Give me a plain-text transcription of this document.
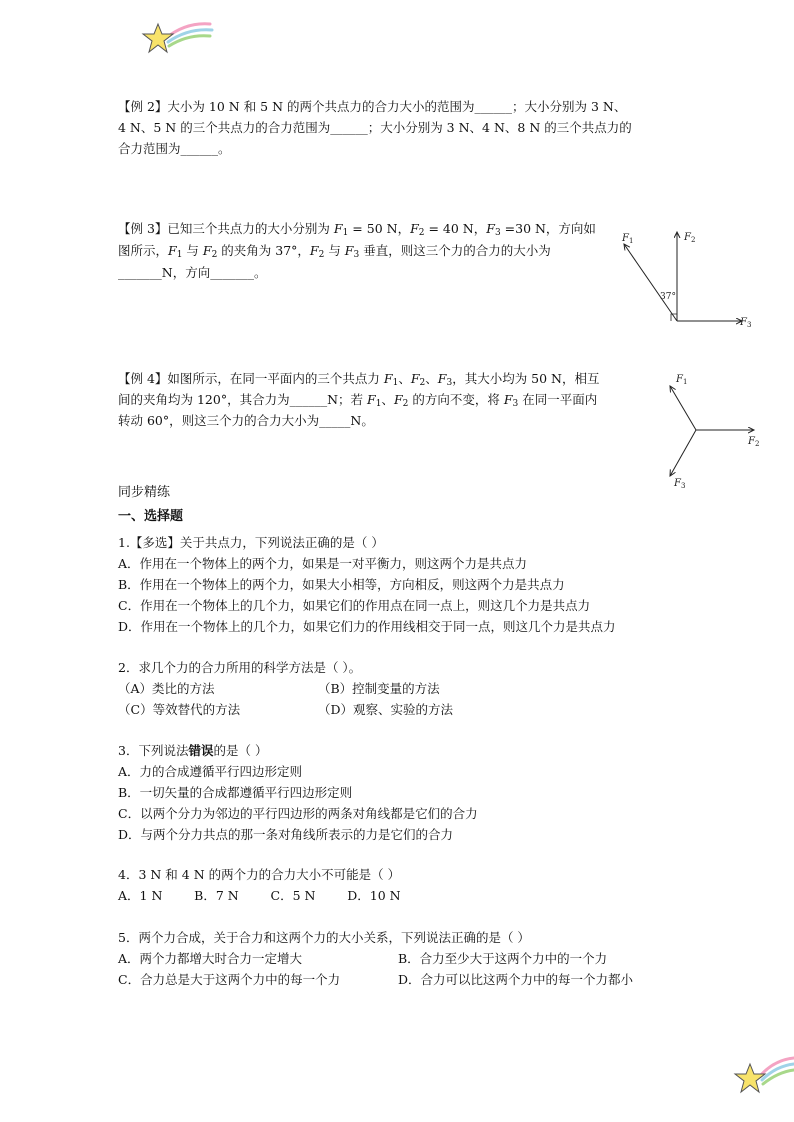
【例 2】大小为 10 N 和 5 N 的两个共点力的合力大小的范围为______；大小分别为 3 N、
4 N、5 N 的三个共点力的合力范围为______；大小分别为 3 N、4 N、8 N 的三个共点力的
合力范围为______。
【例 3】已知三个共点力的大小分别为 $F_1 = 50$ N，$F_2 = 40$ N，$F_3 =30$ N，方向如
图所示，$F_1$ 与 $F_2$ 的夹角为 37°，$F_2$ 与 $F_3$ 垂直，则这三个力的合力的大小为
_______N，方向_______。
$F_1$	$F_2$
$F_3$
37°
【例 4】如图所示，在同一平面内的三个共点力 $F_1$、$F_2$、$F_3$，其大小均为 50 N，相互
间的夹角均为 120°，其合力为______N；若 $F_1$、$F_2$ 的方向不变，将 $F_3$ 在同一平面内
转动 60°，则这三个力的合力大小为_____N。
$F_1$
$F_2$
$F_3$
同步精练
一、选择题
1.【多选】关于共点力，下列说法正确的是（ ）
A．作用在一个物体上的两个力，如果是一对平衡力，则这两个力是共点力
B．作用在一个物体上的两个力，如果大小相等，方向相反，则这两个力是共点力
C．作用在一个物体上的几个力，如果它们的作用点在同一点上，则这几个力是共点力
D．作用在一个物体上的几个力，如果它们力的作用线相交于同一点，则这几个力是共点力
2．求几个力的合力所用的科学方法是（ ）。
（A）类比的方法	（B）控制变量的方法
（C）等效替代的方法	（D）观察、实验的方法
3．下列说法错误的是（ ）
A．力的合成遵循平行四边形定则
B．一切矢量的合成都遵循平行四边形定则
C．以两个分力为邻边的平行四边形的两条对角线都是它们的合力
D．与两个分力共点的那一条对角线所表示的力是它们的合力
4．3 N 和 4 N 的两个力的合力大小不可能是（ ）
A．1 N        B．7 N        C．5 N        D．10 N
5．两个力合成，关于合力和这两个力的大小关系，下列说法正确的是（ ）
A．两个力都增大时合力一定增大	B．合力至少大于这两个力中的一个力
C．合力总是大于这两个力中的每一个力	D．合力可以比这两个力中的每一个力都小
